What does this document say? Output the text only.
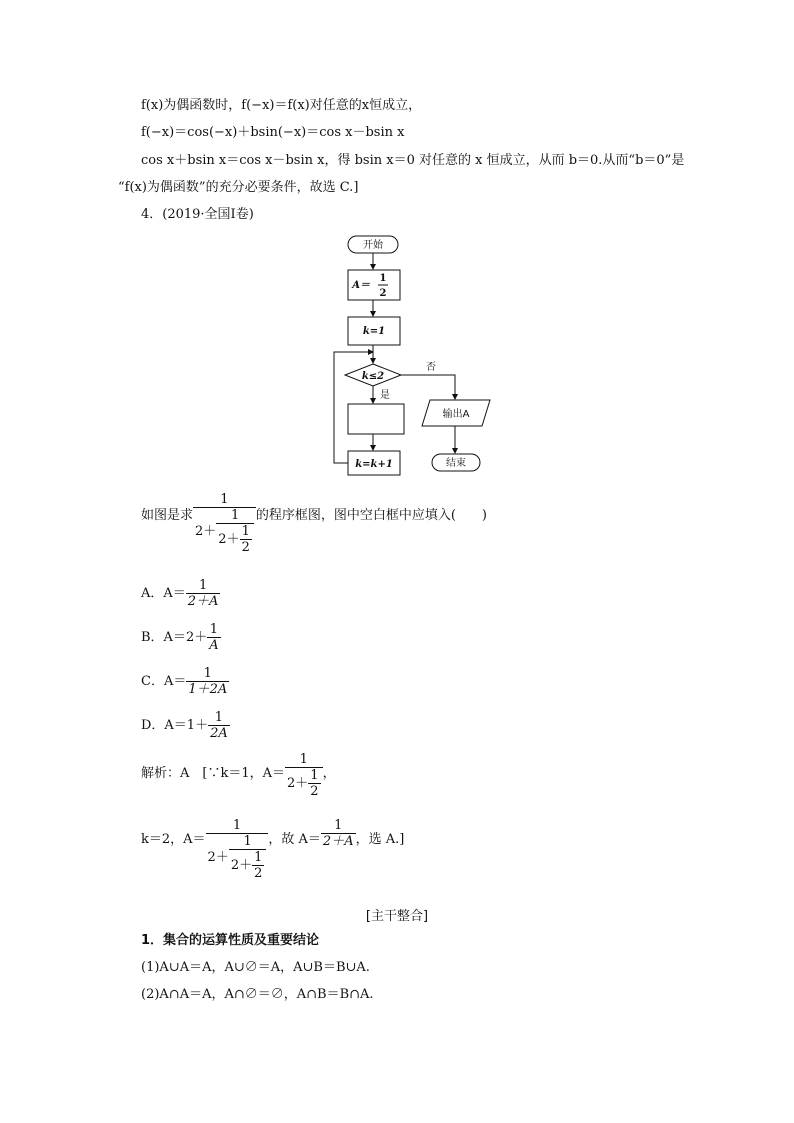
f(x)为偶函数时，f(−x)＝f(x)对任意的x恒成立，
f(−x)＝cos(−x)＋bsin(−x)＝cos x－bsin x
cos x＋bsin x＝cos x－bsin x，得 bsin x＝0 对任意的 x 恒成立，从而 b＝0.从而“b＝0”是
“f(x)为偶函数”的充分必要条件，故选 C.]
4．(2019·全国Ⅰ卷)
开始
A＝
1
2
k=1
k≤2
否
是
输出A
k=k+1	结束
如图是求 $\frac{1}{2+ \frac{1}{2+ \frac{1}{2}}}$ 的程序框图，图中空白框中应填入(　　)
A．$A= \frac{1}{2+A}$
B．$A=2+ \frac{1}{A}$
C．$A= \frac{1}{1+2A}$
D．$A=1+ \frac{1}{2A}$
解析：A　[∵k＝1，$A= \frac{1}{2+ \frac{1}{2}}$ ，
k＝2，$A= \frac{1}{2+ \frac{1}{2+ \frac{1}{2}}}$ ，故 $A= \frac{1}{2+A}$ ，选 A.]
[主干整合]
1．集合的运算性质及重要结论
(1)A∪A＝A，A∪∅＝A，A∪B＝B∪A.
(2)A∩A＝A，A∩∅＝∅，A∩B＝B∩A.
